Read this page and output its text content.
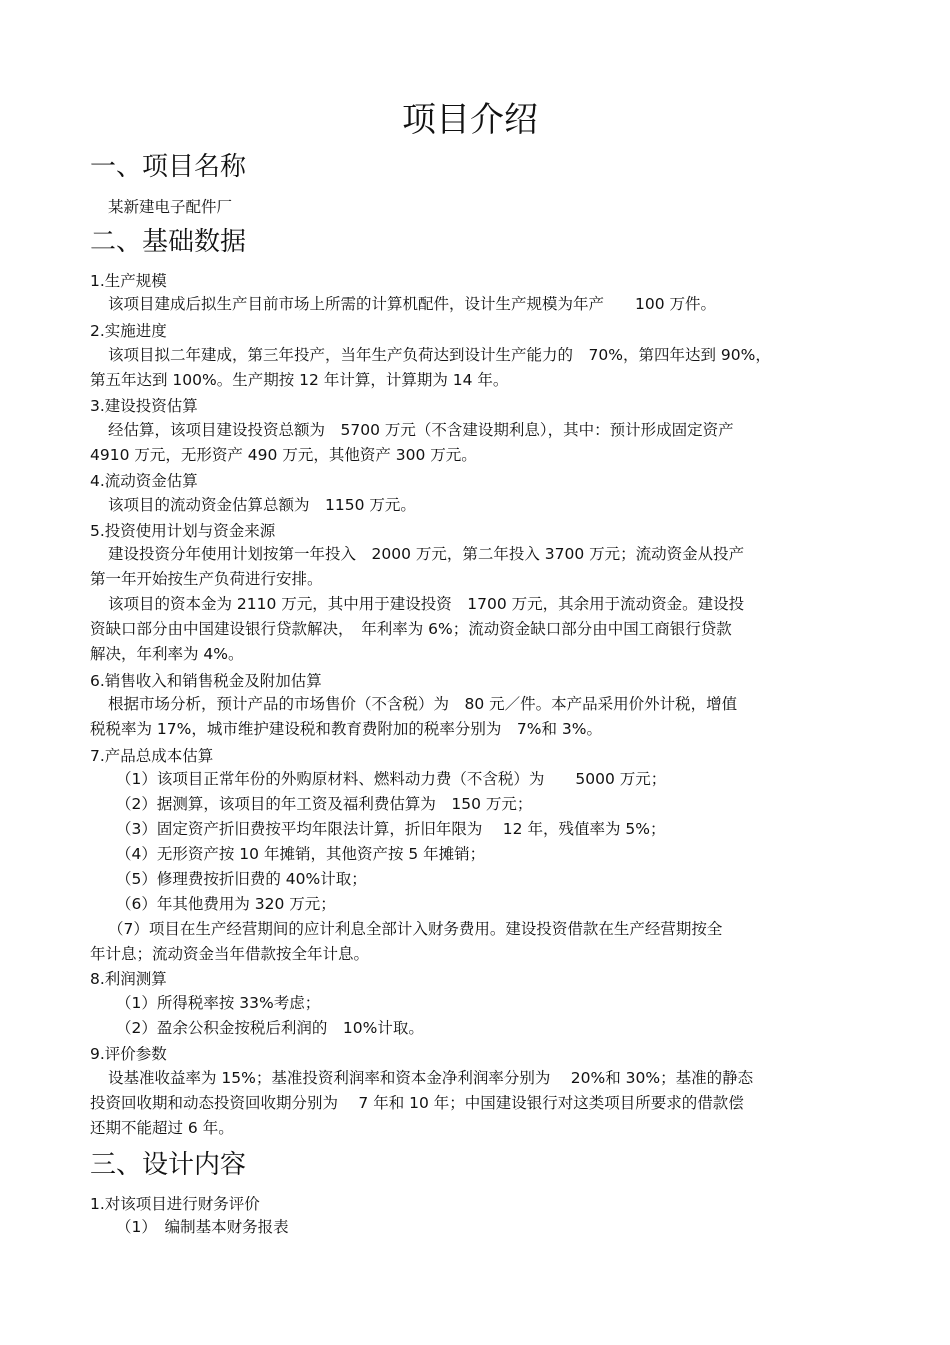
项目介绍
一、项目名称
某新建电子配件厂
二、基础数据
1.生产规模
该项目建成后拟生产目前市场上所需的计算机配件，设计生产规模为年产　　100 万件。
2.实施进度
该项目拟二年建成，第三年投产，当年生产负荷达到设计生产能力的　70%，第四年达到 90%，
第五年达到 100%。生产期按 12 年计算，计算期为 14 年。
3.建设投资估算
经估算，该项目建设投资总额为　5700 万元（不含建设期利息），其中：预计形成固定资产
4910 万元，无形资产 490 万元，其他资产 300 万元。
4.流动资金估算
该项目的流动资金估算总额为　1150 万元。
5.投资使用计划与资金来源
建设投资分年使用计划按第一年投入　2000 万元，第二年投入 3700 万元；流动资金从投产
第一年开始按生产负荷进行安排。
该项目的资本金为 2110 万元，其中用于建设投资　1700 万元，其余用于流动资金。建设投
资缺口部分由中国建设银行贷款解决，　年利率为 6%；流动资金缺口部分由中国工商银行贷款
解决，年利率为 4%。
6.销售收入和销售税金及附加估算
根据市场分析，预计产品的市场售价（不含税）为　80 元／件。本产品采用价外计税，增值
税税率为 17%，城市维护建设税和教育费附加的税率分别为　7%和 3%。
7.产品总成本估算
（1）该项目正常年份的外购原材料、燃料动力费（不含税）为　　5000 万元；
（2）据测算，该项目的年工资及福利费估算为　150 万元；
（3）固定资产折旧费按平均年限法计算，折旧年限为　 12 年，残值率为 5%；
（4）无形资产按 10 年摊销，其他资产按 5 年摊销；
（5）修理费按折旧费的 40%计取；
（6）年其他费用为 320 万元；
（7）项目在生产经营期间的应计利息全部计入财务费用。建设投资借款在生产经营期按全
年计息；流动资金当年借款按全年计息。
8.利润测算
（1）所得税率按 33%考虑；
（2）盈余公积金按税后利润的　10%计取。
9.评价参数
设基准收益率为 15%；基准投资利润率和资本金净利润率分别为　 20%和 30%；基准的静态
投资回收期和动态投资回收期分别为　 7 年和 10 年；中国建设银行对这类项目所要求的借款偿
还期不能超过 6 年。
三、设计内容
1.对该项目进行财务评价
（1）　编制基本财务报表
